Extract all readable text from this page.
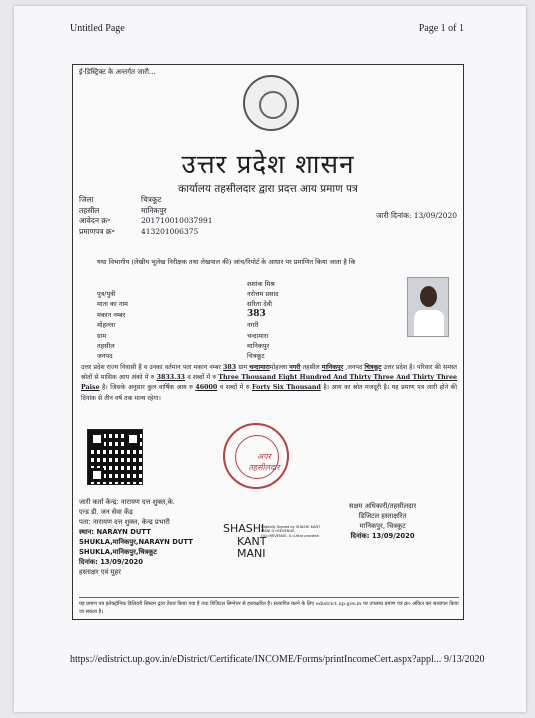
Untitled Page	Page 1 of 1
ई-डिस्ट्रिक्ट के अन्तर्गत जारी...
उत्तर प्रदेश शासन
कार्यालय तहसीलदार द्वारा प्रदत्त आय प्रमाण पत्र
जिला	चित्रकूट
तहसील	मानिकपुर
आवेदन क्र॰	201710010037991
प्रमाणपत्र क्र॰	413201006375
जारी दिनांक: 13/09/2020
यथा विभागीय (लेखीय भूलेख निरीक्षक तथा लेखपाल की) जांच/रिपोर्ट के आधार पर प्रमाणित किया जाता है कि
शशांक मिश्र
पुत्र/पुत्री	नरोत्तम प्रसाद
माता का नाम	सरिता देवी
मकान नम्बर	383
मोहल्ला	नगरी
ग्राम	चन्दामारा
तहसील	मानिकपुर
जनपद	चित्रकूट
उत्तर प्रदेश राज्य निवासी हैं व उनका वर्तमान पता मकान नम्बर 383 ग्राम चन्दामारामोहल्ला नगरी तहसील मानिकपुर ,जनपद चित्रकूट उत्तर प्रदेश है। परिवार की समस्त स्रोतों से मासिक आय अंको में रु 3833.33 व शब्दों में रु Three Thousand Eight Hundred And Thirty Three And Thirty Three Paise है। जिसके अनुसार कुल वार्षिक आय रु 46000 व शब्दों में रु Forty Six Thousand है। आय का स्रोत मजदूरी है। यह प्रमाण पत्र जारी होने की दिनांक से तीन वर्ष तक मान्य रहेगा।
अपर तहसीलदार
जारी कर्ता केन्द्र: नारायण दत्त शुक्ल,के.
एन्ड डी. जन सेवा केंद्र
पता: नारायण दत्त शुक्ल, केन्द्र प्रभारी
स्थान: NARAYN DUTT
SHUKLA,मानिकपुर,NARAYN DUTT
SHUKLA,मानिकपुर,चित्रकूट
दिनांक: 13/09/2020
हस्ताक्षर एवं मुहर
SHASHI
KANT
MANI
Digitally Signed by SHASHI KANT MANI O=REVENUE, OU=REVENUE, S=Uttar pradesh
सक्षम अधिकारी/तहसीलदार
डिजिटल हस्ताक्षरित
मानिकपुर, चित्रकूट
दिनांक: 13/09/2020
यह प्रमाण पत्र इलेक्ट्रॉनिक डिलिवरी सिस्टम द्वारा तैयार किया गया है तथा डिजिटल सिग्नेचर से हस्ताक्षरित है। सत्यापित करने के लिए edistrict.up.gov.in पर उपलब्ध प्रमाण पत्र क्र० अंकित कर सत्यापन किया जा सकता है।
https://edistrict.up.gov.in/eDistrict/Certificate/INCOME/Forms/printIncomeCert.aspx?appl... 9/13/2020
